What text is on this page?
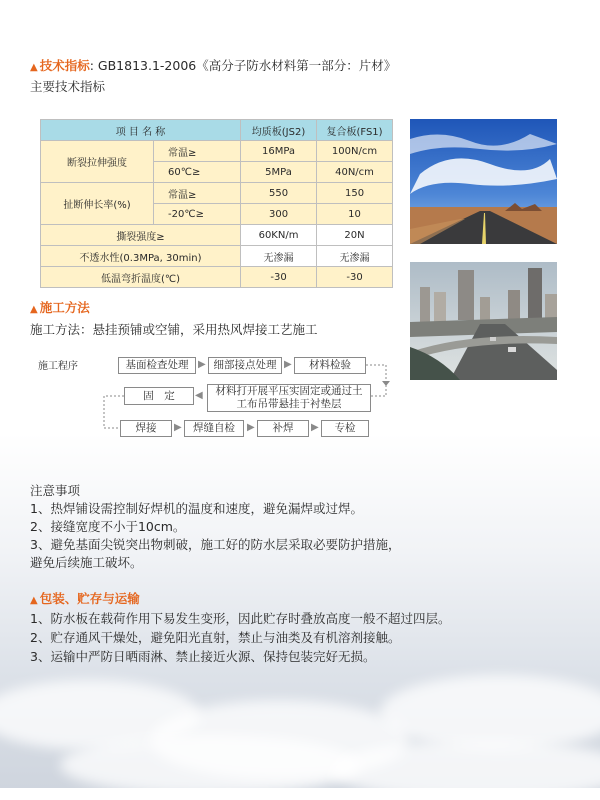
▲ 技术指标: GB1813.1-2006《高分子防水材料第一部分：片材》
主要技术指标
项 目 名 称		均质板(JS2)	复合板(FS1)
断裂拉伸强度	常温≥	16MPa	100N/cm
	60℃≥	5MPa	40N/cm
扯断伸长率(%)	常温≥	550	150
	-20℃≥	300	10
撕裂强度≥		60KN/m	20N
不透水性(0.3MPa, 30min)		无渗漏	无渗漏
低温弯折温度(℃)		-30	-30
▲ 施工方法
施工方法：悬挂预铺或空铺，采用热风焊接工艺施工
施工程序	基面检查处理 ▶ 细部接点处理 ▶	材料检验
材料打开展平压实固定或通过土
工布吊带悬挂于衬垫层
◀
固　定
焊接	▶	焊缝自检	▶	补焊	▶	专检
注意事项
1、热焊铺设需控制好焊机的温度和速度，避免漏焊或过焊。
2、接缝宽度不小于10cm。
3、避免基面尖锐突出物刺破，施工好的防水层采取必要防护措施，
避免后续施工破坏。
▲ 包装、贮存与运输
1、防水板在载荷作用下易发生变形，因此贮存时叠放高度一般不超过四层。
2、贮存通风干燥处，避免阳光直射，禁止与油类及有机溶剂接触。
3、运输中严防日晒雨淋、禁止接近火源、保持包装完好无损。
